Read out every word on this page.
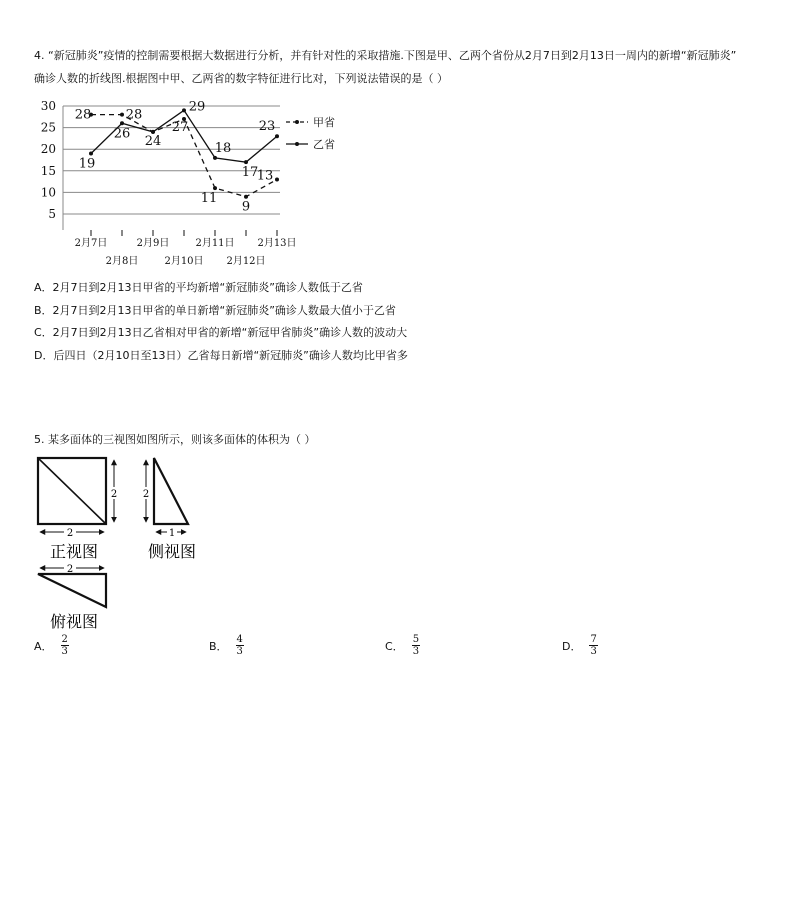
4. “新冠肺炎”疫情的控制需要根据大数据进行分析，并有针对性的采取措施.下图是甲、乙两个省份从2月7日到2月13日一周内的新增“新冠肺炎”
确诊人数的折线图.根据图中甲、乙两省的数字特征进行比对，下列说法错误的是（ ）
5
10
15
20
25
30
2月7日
2月8日
2月9日
2月10日
2月11日
2月12日
2月13日
28
27
11
9
13
19
26
24
29
18
17
23
28	甲省
乙省
A．2月7日到2月13日甲省的平均新增“新冠肺炎”确诊人数低于乙省
B．2月7日到2月13日甲省的单日新增“新冠肺炎”确诊人数最大值小于乙省
C．2月7日到2月13日乙省相对甲省的新增“新冠甲省肺炎”确诊人数的波动大
D．后四日（2月10日至13日）乙省每日新增“新冠肺炎”确诊人数均比甲省多
5. 某多面体的三视图如图所示，则该多面体的体积为（ ）
2
2
正视图
2
1
侧视图
2
俯视图
A． $\frac{2}{3}$	B． $\frac{4}{3}$	C． $\frac{5}{3}$	D． $\frac{7}{3}$
